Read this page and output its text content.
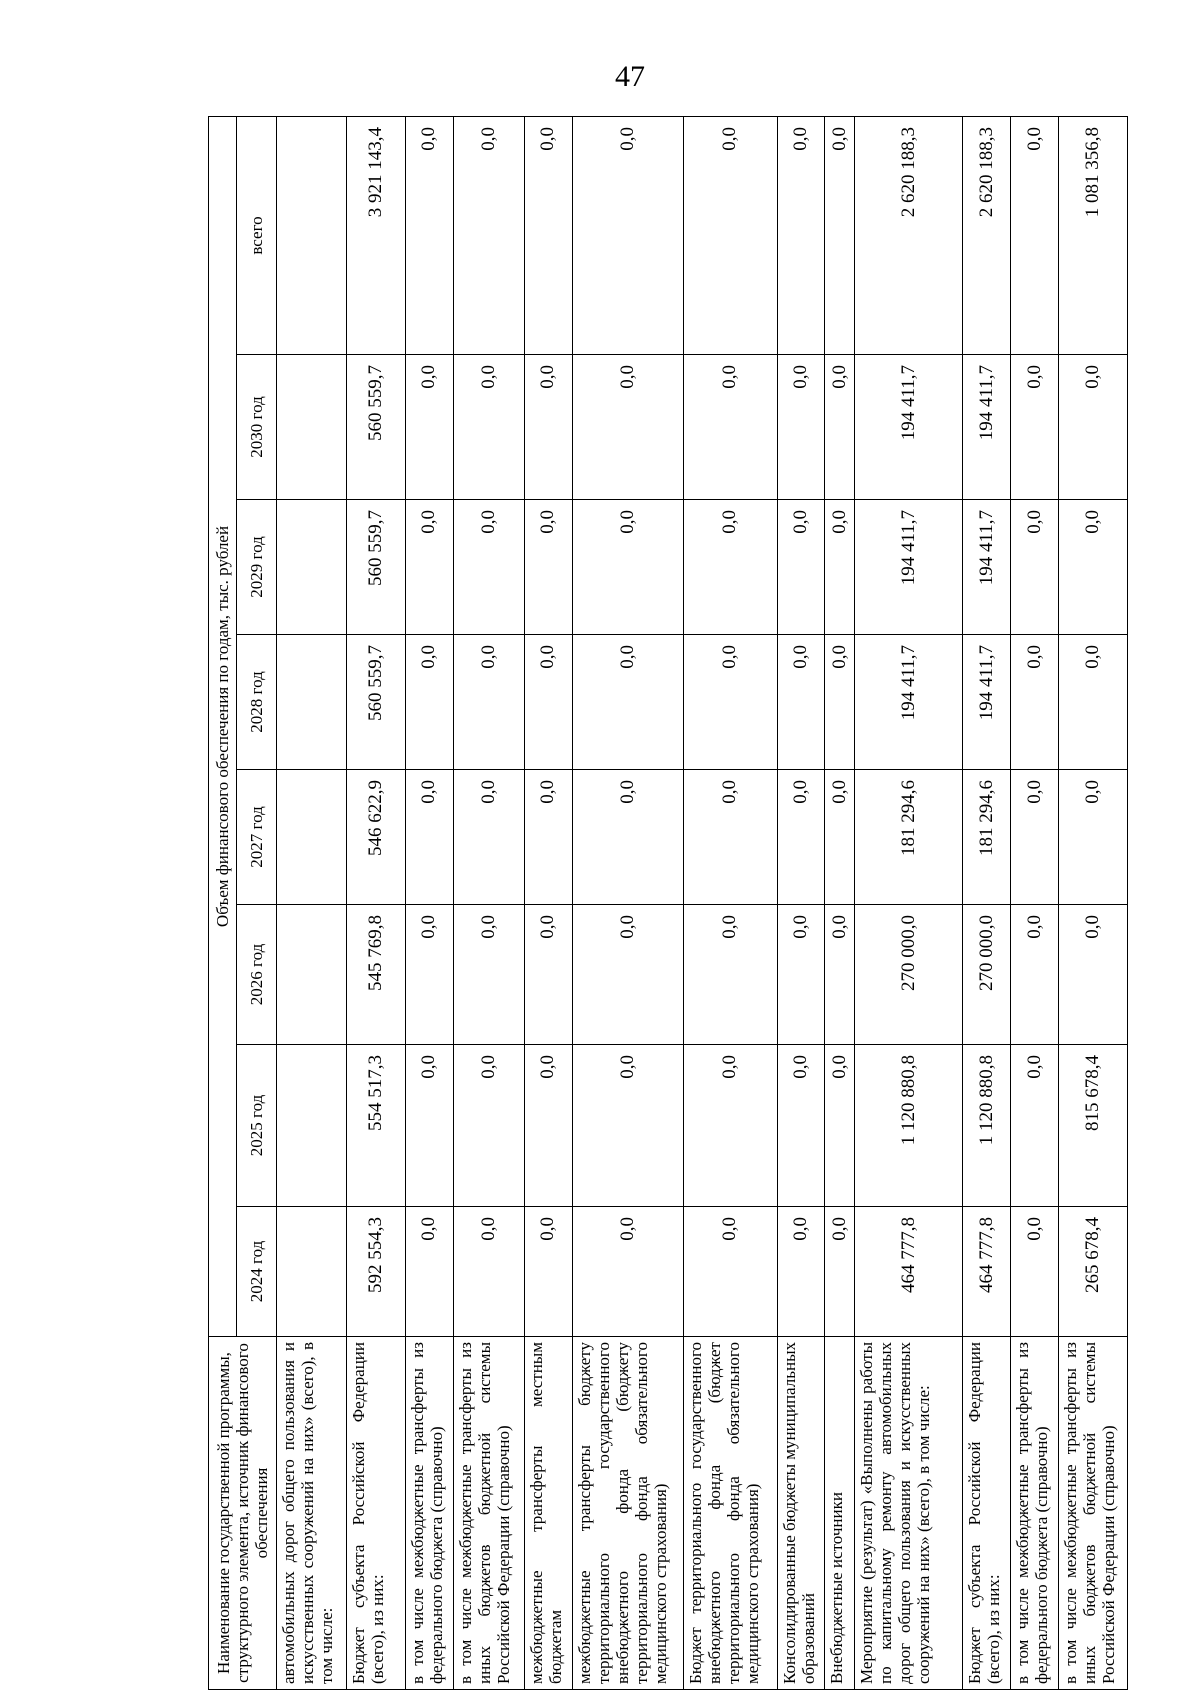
47
Наименование государственной программы, структурного элемента, источник финансового обеспечения	Объем финансового обеспечения по годам, тыс. рублей							
	2024 год	2025 год	2026 год	2027 год	2028 год	2029 год	2030 год	всего
автомобильных дорог общего пользования и искусственных сооружений на них» (всего), в том числе:								
Бюджет субъекта Российской Федерации (всего), из них:	592 554,3	554 517,3	545 769,8	546 622,9	560 559,7	560 559,7	560 559,7	3 921 143,4
в том числе межбюджетные трансферты из федерального бюджета (справочно)	0,0	0,0	0,0	0,0	0,0	0,0	0,0	0,0
в том числе межбюджетные трансферты из иных бюджетов бюджетной системы Российской Федерации (справочно)	0,0	0,0	0,0	0,0	0,0	0,0	0,0	0,0
межбюджетные трансферты местным бюджетам	0,0	0,0	0,0	0,0	0,0	0,0	0,0	0,0
межбюджетные трансферты бюджету территориального государственного внебюджетного фонда (бюджету территориального фонда обязательного медицинского страхования)	0,0	0,0	0,0	0,0	0,0	0,0	0,0	0,0
Бюджет территориального государственного внебюджетного фонда (бюджет территориального фонда обязательного медицинского страхования)	0,0	0,0	0,0	0,0	0,0	0,0	0,0	0,0
Консолидированные бюджеты муниципальных образований	0,0	0,0	0,0	0,0	0,0	0,0	0,0	0,0
Внебюджетные источники	0,0	0,0	0,0	0,0	0,0	0,0	0,0	0,0
Мероприятие (результат) «Выполнены работы по капитальному ремонту автомобильных дорог общего пользования и искусственных сооружений на них» (всего), в том числе:	464 777,8	1 120 880,8	270 000,0	181 294,6	194 411,7	194 411,7	194 411,7	2 620 188,3
Бюджет субъекта Российской Федерации (всего), из них:	464 777,8	1 120 880,8	270 000,0	181 294,6	194 411,7	194 411,7	194 411,7	2 620 188,3
в том числе межбюджетные трансферты из федерального бюджета (справочно)	0,0	0,0	0,0	0,0	0,0	0,0	0,0	0,0
в том числе межбюджетные трансферты из иных бюджетов бюджетной системы Российской Федерации (справочно)	265 678,4	815 678,4	0,0	0,0	0,0	0,0	0,0	1 081 356,8
